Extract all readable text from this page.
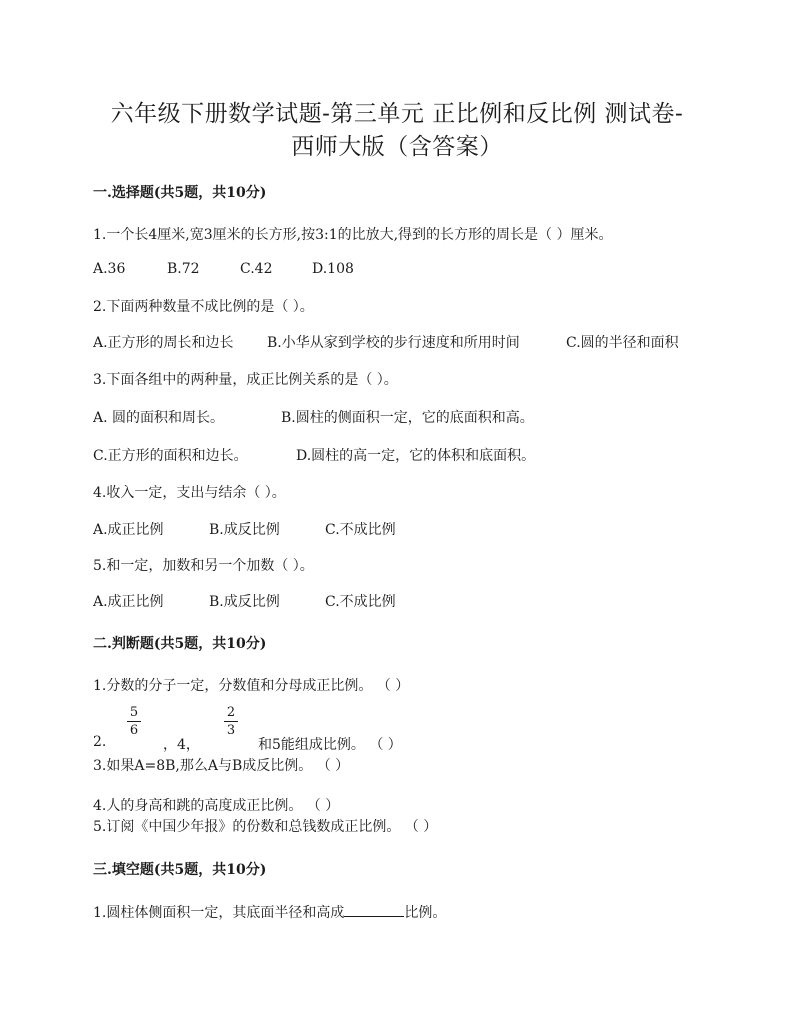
六年级下册数学试题-第三单元 正比例和反比例 测试卷-
西师大版（含答案）
一.选择题(共5题，共10分)
1.一个长4厘米,宽3厘米的长方形,按3:1的比放大,得到的长方形的周长是（ ）厘米。
A.36	B.72	C.42	D.108
2.下面两种数量不成比例的是（ ）。
A.正方形的周长和边长 B.小华从家到学校的步行速度和所用时间	C.圆的半径和面积
3.下面各组中的两种量，成正比例关系的是（ ）。
A. 圆的面积和周长。	B.圆柱的侧面积一定，它的底面积和高。
C.正方形的面积和边长。	D.圆柱的高一定，它的体积和底面积。
4.收入一定，支出与结余（ ）。
A.成正比例	B.成反比例	C.不成比例
5.和一定，加数和另一个加数（ ）。
A.成正比例	B.成反比例	C.不成比例
二.判断题(共5题，共10分)
1.分数的分子一定，分数值和分母成正比例。 （ ）
5
6
2
3
2.	，4，	和5能组成比例。 （ ）
3.如果A=8B,那么A与B成反比例。 （ ）
4.人的身高和跳的高度成正比例。 （ ）
5.订阅《中国少年报》的份数和总钱数成正比例。 （ ）
三.填空题(共5题，共10分)
1.圆柱体侧面积一定，其底面半径和高成	比例。
